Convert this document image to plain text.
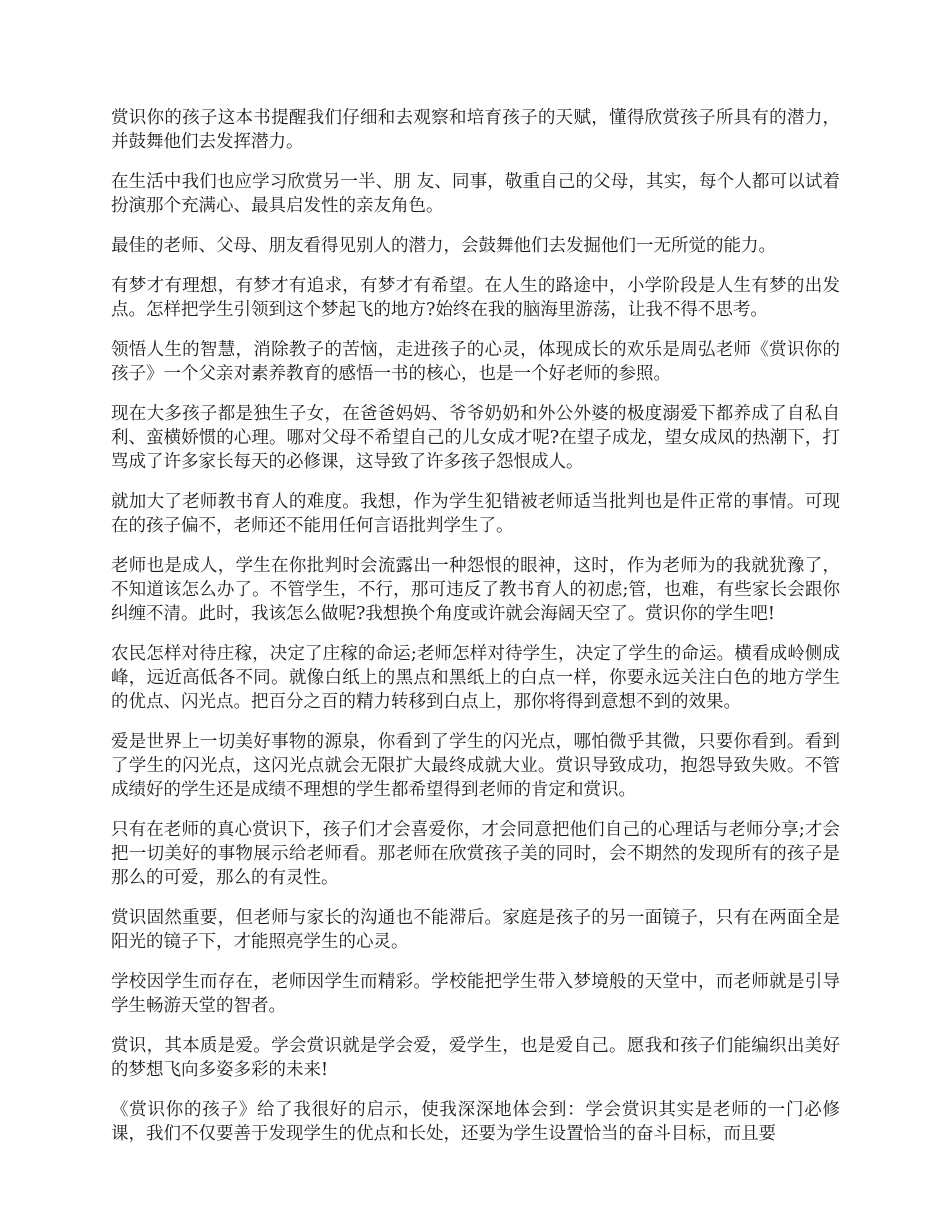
赏识你的孩子这本书提醒我们仔细和去观察和培育孩子的天赋，懂得欣赏孩子所具有的潜力，并鼓舞他们去发挥潜力。

在生活中我们也应学习欣赏另一半、朋 友、同事，敬重自己的父母，其实，每个人都可以试着扮演那个充满心、最具启发性的亲友角色。

最佳的老师、父母、朋友看得见别人的潜力，会鼓舞他们去发掘他们一无所觉的能力。

有梦才有理想，有梦才有追求，有梦才有希望。在人生的路途中，小学阶段是人生有梦的出发点。怎样把学生引领到这个梦起飞的地方?始终在我的脑海里游荡，让我不得不思考。

领悟人生的智慧，消除教子的苦恼，走进孩子的心灵，体现成长的欢乐是周弘老师《赏识你的孩子》一个父亲对素养教育的感悟一书的核心，也是一个好老师的参照。

现在大多孩子都是独生子女，在爸爸妈妈、爷爷奶奶和外公外婆的极度溺爱下都养成了自私自利、蛮横娇惯的心理。哪对父母不希望自己的儿女成才呢?在望子成龙，望女成凤的热潮下，打骂成了许多家长每天的必修课，这导致了许多孩子怨恨成人。

就加大了老师教书育人的难度。我想，作为学生犯错被老师适当批判也是件正常的事情。可现在的孩子偏不，老师还不能用任何言语批判学生了。

老师也是成人，学生在你批判时会流露出一种怨恨的眼神，这时，作为老师为的我就犹豫了，不知道该怎么办了。不管学生，不行，那可违反了教书育人的初虑;管，也难，有些家长会跟你纠缠不清。此时，我该怎么做呢?我想换个角度或许就会海阔天空了。赏识你的学生吧!

农民怎样对待庄稼，决定了庄稼的命运;老师怎样对待学生，决定了学生的命运。横看成岭侧成峰，远近高低各不同。就像白纸上的黑点和黑纸上的白点一样，你要永远关注白色的地方学生的优点、闪光点。把百分之百的精力转移到白点上，那你将得到意想不到的效果。

爱是世界上一切美好事物的源泉，你看到了学生的闪光点，哪怕微乎其微，只要你看到。看到了学生的闪光点，这闪光点就会无限扩大最终成就大业。赏识导致成功，抱怨导致失败。不管成绩好的学生还是成绩不理想的学生都希望得到老师的肯定和赏识。

只有在老师的真心赏识下，孩子们才会喜爱你，才会同意把他们自己的心理话与老师分享;才会把一切美好的事物展示给老师看。那老师在欣赏孩子美的同时，会不期然的发现所有的孩子是那么的可爱，那么的有灵性。

赏识固然重要，但老师与家长的沟通也不能滞后。家庭是孩子的另一面镜子，只有在两面全是阳光的镜子下，才能照亮学生的心灵。

学校因学生而存在，老师因学生而精彩。学校能把学生带入梦境般的天堂中，而老师就是引导学生畅游天堂的智者。

赏识，其本质是爱。学会赏识就是学会爱，爱学生，也是爱自己。愿我和孩子们能编织出美好的梦想飞向多姿多彩的未来!

《赏识你的孩子》给了我很好的启示，使我深深地体会到：学会赏识其实是老师的一门必修课，我们不仅要善于发现学生的优点和长处，还要为学生设置恰当的奋斗目标，而且要
